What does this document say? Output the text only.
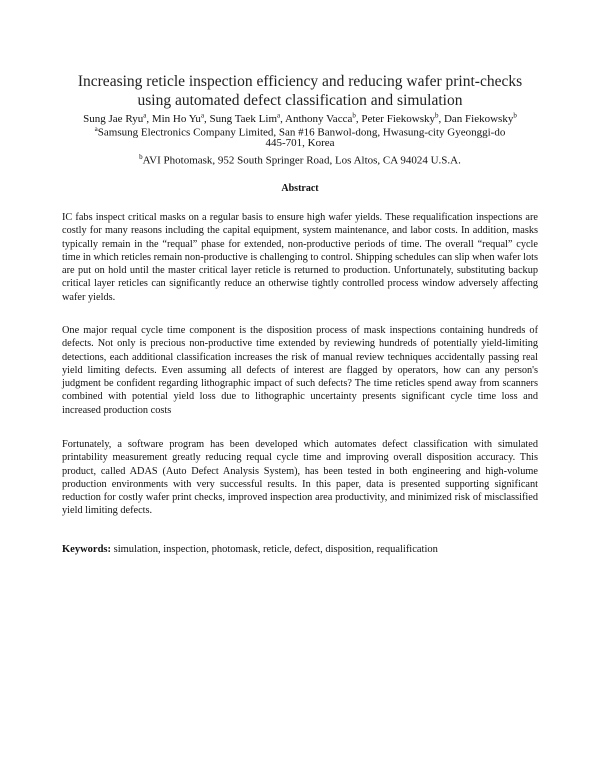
Increasing reticle inspection efficiency and reducing wafer print-checks
using automated defect classification and simulation
Sung Jae Ryu$^a$, Min Ho Yu$^a$, Sung Taek Lim$^a$, Anthony Vacca$^b$, Peter Fiekowsky$^b$, Dan Fiekowsky$^b$
$^a$Samsung Electronics Company Limited, San #16 Banwol-dong, Hwasung-city Gyeonggi-do
445-701, Korea
$^b$AVI Photomask, 952 South Springer Road, Los Altos, CA 94024 U.S.A.
Abstract

IC fabs inspect critical masks on a regular basis to ensure high wafer yields. These requalification inspections are costly for many reasons including the capital equipment, system maintenance, and labor costs. In addition, masks typically remain in the “requal” phase for extended, non-productive periods of time. The overall “requal” cycle time in which reticles remain non-productive is challenging to control. Shipping schedules can slip when wafer lots are put on hold until the master critical layer reticle is returned to production. Unfortunately, substituting backup critical layer reticles can significantly reduce an otherwise tightly controlled process window adversely affecting wafer yields.

One major requal cycle time component is the disposition process of mask inspections containing hundreds of defects. Not only is precious non-productive time extended by reviewing hundreds of potentially yield-limiting detections, each additional classification increases the risk of manual review techniques accidentally passing real yield limiting defects. Even assuming all defects of interest are flagged by operators, how can any person's judgment be confident regarding lithographic impact of such defects? The time reticles spend away from scanners combined with potential yield loss due to lithographic uncertainty presents significant cycle time loss and increased production costs

Fortunately, a software program has been developed which automates defect classification with simulated printability measurement greatly reducing requal cycle time and improving overall disposition accuracy. This product, called ADAS (Auto Defect Analysis System), has been tested in both engineering and high-volume production environments with very successful results. In this paper, data is presented supporting significant reduction for costly wafer print checks, improved inspection area productivity, and minimized risk of misclassified yield limiting defects.

Keywords: simulation, inspection, photomask, reticle, defect, disposition, requalification
